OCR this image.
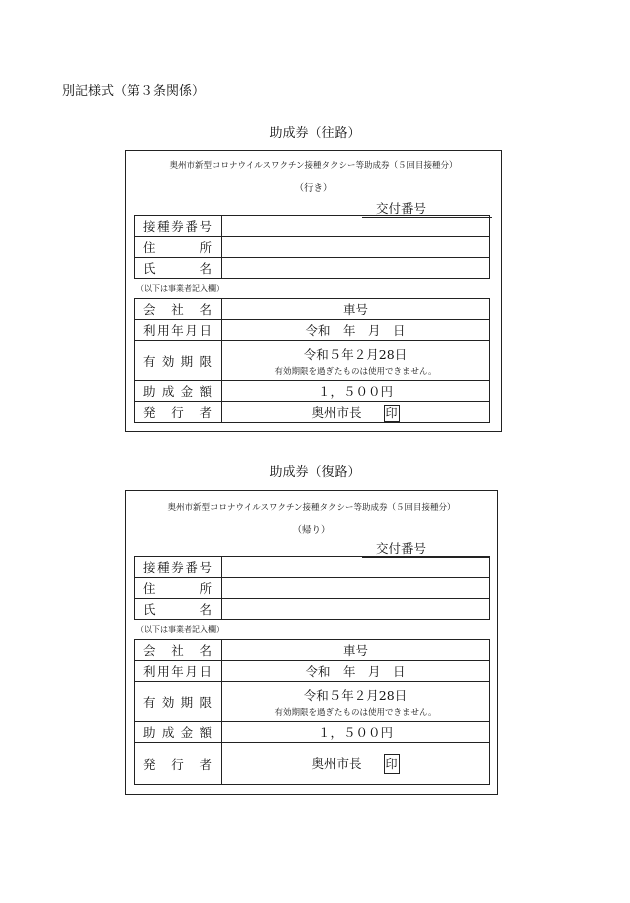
別記様式（第３条関係）
助成券（往路）
奥州市新型コロナウイルスワクチン接種タクシー等助成券（５回目接種分）
（行き）
交付番号
接種券番号	
住所	
氏名	
（以下は事業者記入欄）
会社名	車号
利用年月日	令和　年　月　日
有効期限	令和５年２月28日
有効期限を過ぎたものは使用できません。

助成金額	１，５００円
発行者	奥州市長 印
助成券（復路）
奥州市新型コロナウイルスワクチン接種タクシー等助成券（５回目接種分）
（帰り）
交付番号
接種券番号	
住所	
氏名	
（以下は事業者記入欄）
会社名	車号
利用年月日	令和　年　月　日
有効期限	令和５年２月28日
有効期限を過ぎたものは使用できません。

助成金額	１，５００円
発行者	奥州市長 印
